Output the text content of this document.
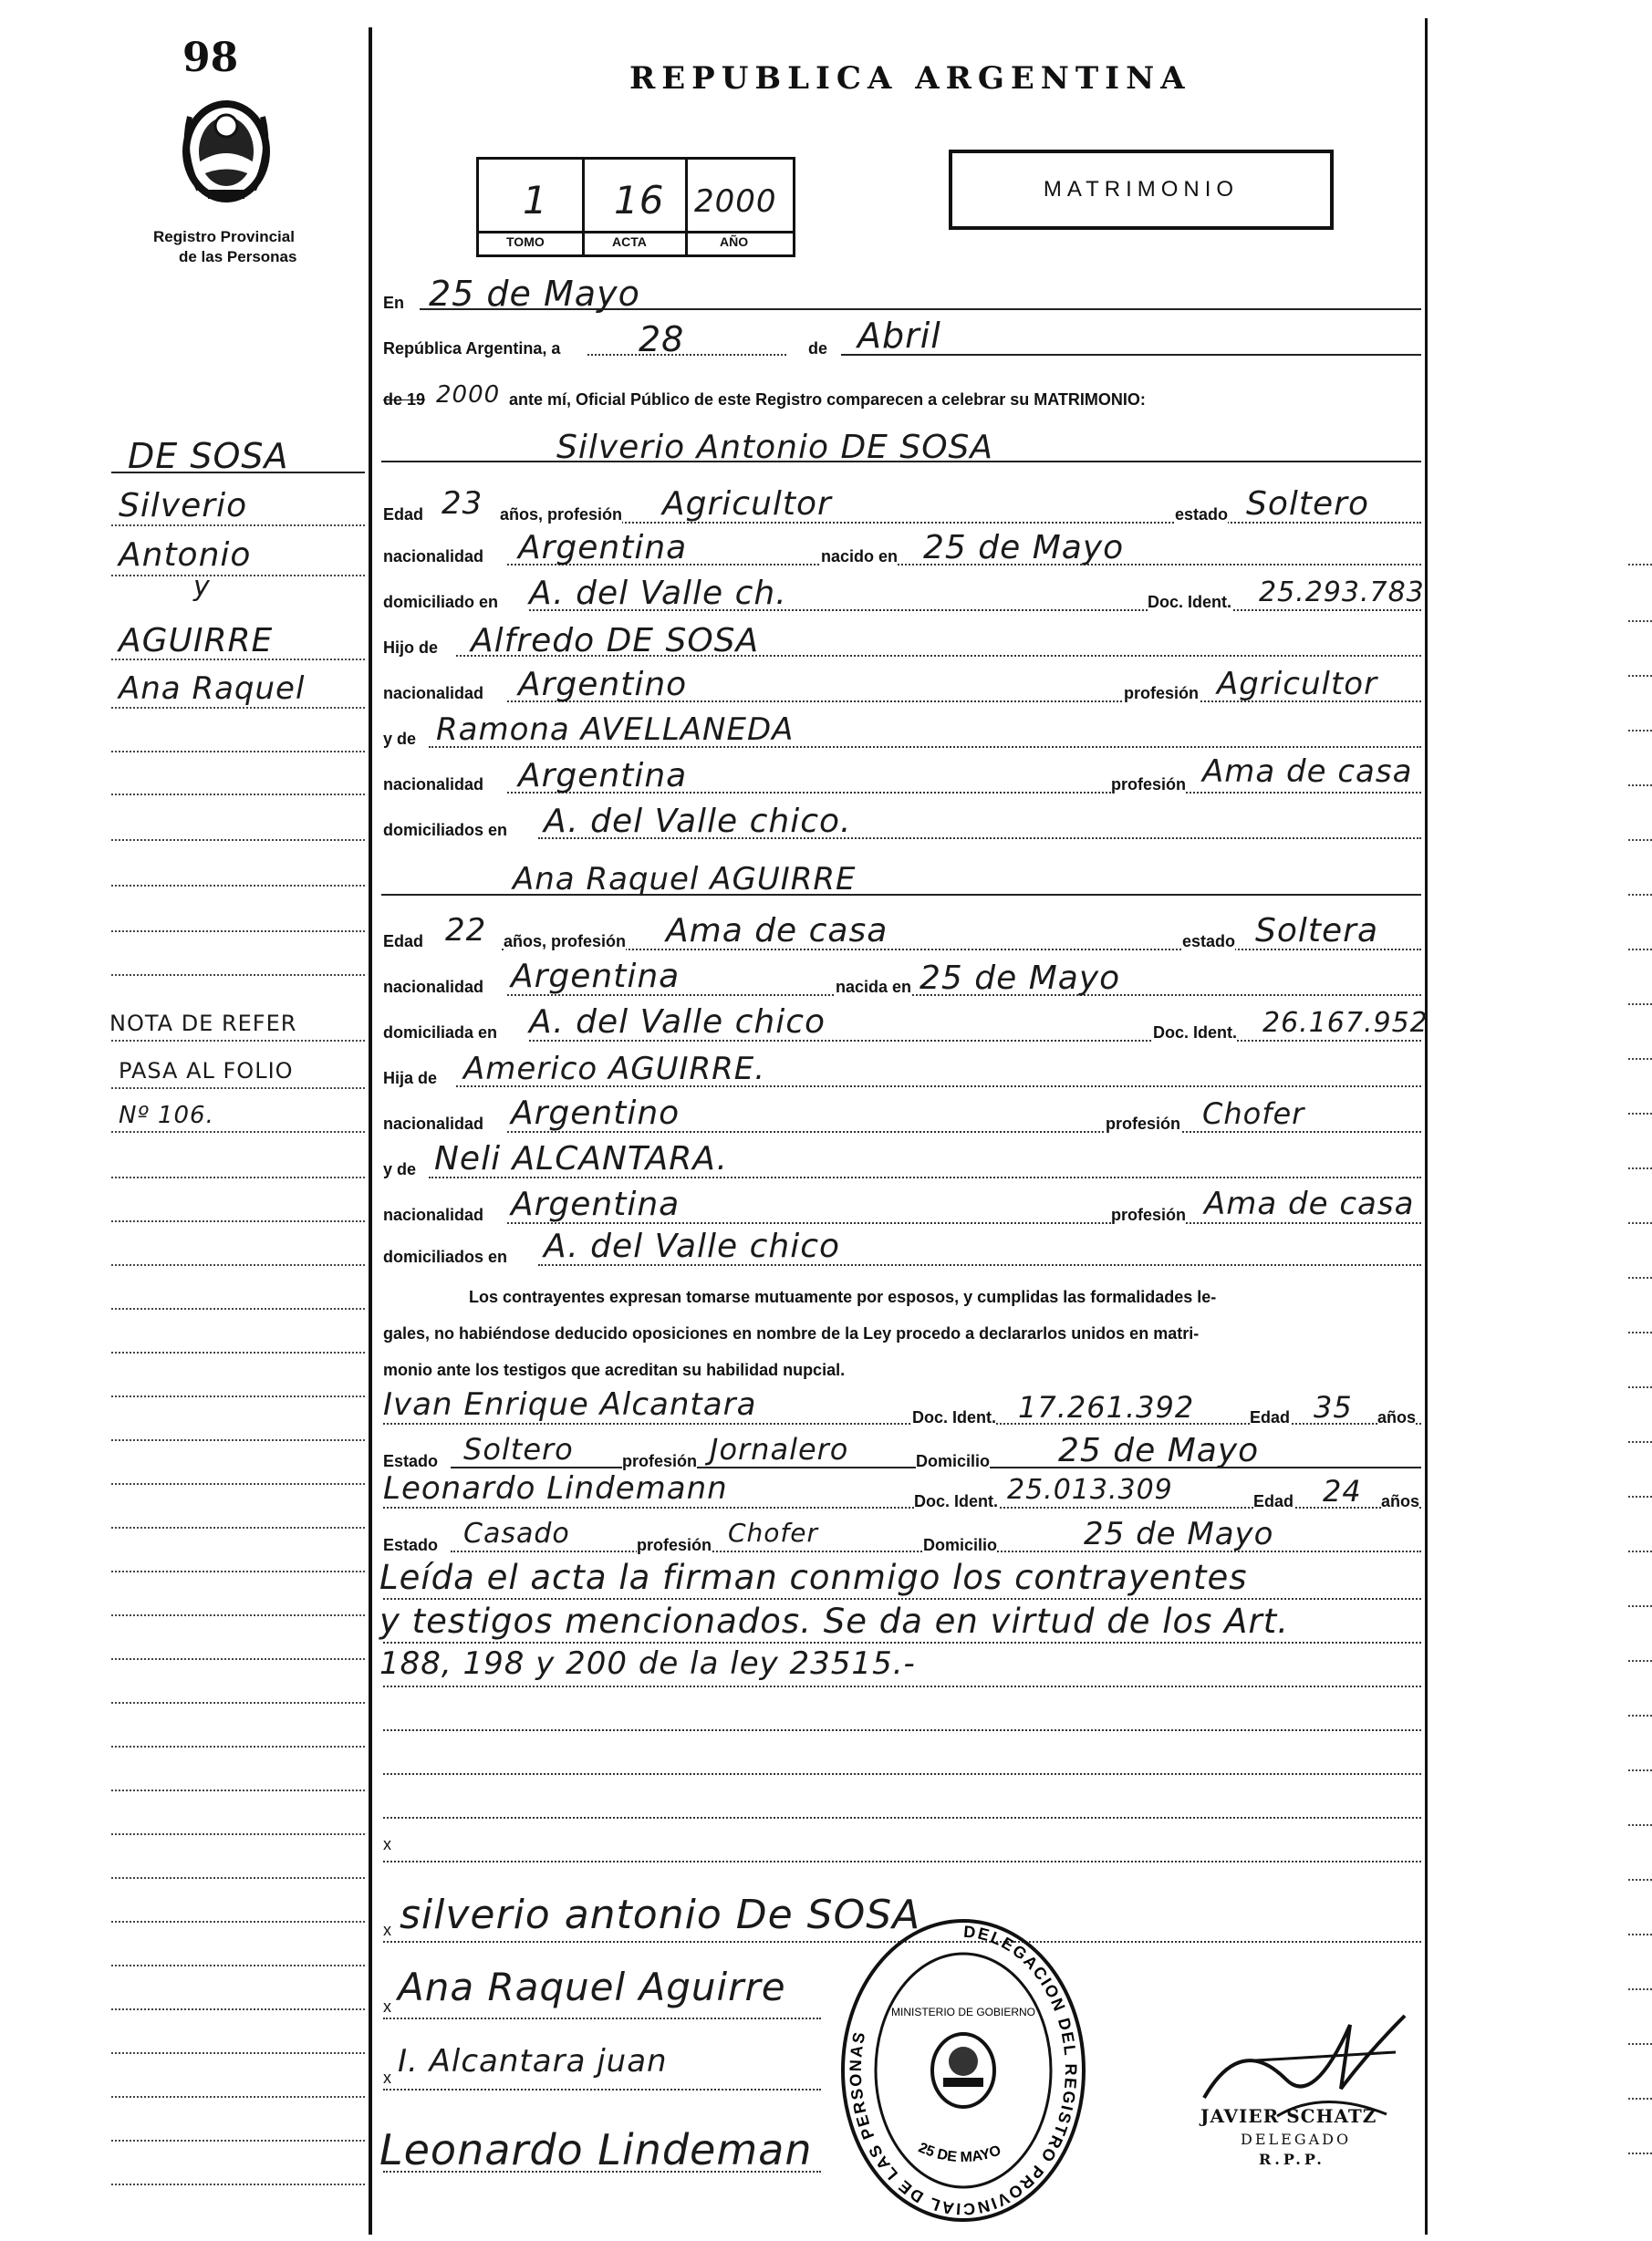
98
Registro Provincial
de las Personas
DE SOSA
Silverio
Antonio
y
AGUIRRE
Ana Raquel
NOTA DE REFER
PASA AL FOLIO
Nº 106.
REPUBLICA ARGENTINA
1 16 2000
TOMO	ACTA	AÑO
MATRIMONIO
En 25 de Mayo
República Argentina, a 28	de Abril
de 19 2000 ante mí, Oficial Público de este Registro comparecen a celebrar su MATRIMONIO:
Silverio Antonio DE SOSA
Edad 23 años, profesión Agricultor	estado Soltero
nacionalidad Argentina	nacido en 25 de Mayo
domiciliado en A. del Valle ch.	Doc. Ident. 25.293.783
Hijo de Alfredo DE SOSA
nacionalidad Argentino	profesión Agricultor
y de Ramona AVELLANEDA
nacionalidad Argentina	profesión Ama de casa
domiciliados en A. del Valle chico.
Ana Raquel AGUIRRE
Edad 22 años, profesión Ama de casa	estado Soltera
nacionalidad Argentina	nacida en 25 de Mayo
domiciliada en A. del Valle chico	Doc. Ident. 26.167.952
Hija de Americo AGUIRRE.
nacionalidad Argentino	profesión Chofer
y de Neli ALCANTARA.
nacionalidad Argentina	profesión Ama de casa
domiciliados en A. del Valle chico
Los contrayentes expresan tomarse mutuamente por esposos, y cumplidas las formalidades le-
gales, no habiéndose deducido oposiciones en nombre de la Ley procedo a declararlos unidos en matri-
monio ante los testigos que acreditan su habilidad nupcial.
Ivan Enrique Alcantara	Doc. Ident. 17.261.392	Edad 35 años
Estado Soltero	profesión Jornalero	Domicilio 25 de Mayo
Leonardo Lindemann	Doc. Ident. 25.013.309	Edad 24 años
Estado Casado	profesión Chofer	Domicilio	25 de Mayo
Leída el acta la firman conmigo los contrayentes
y testigos mencionados. Se da en virtud de los Art.
188, 198 y 200 de la ley 23515.-
x
x silverio antonio De SOSA
x Ana Raquel Aguirre
x I. Alcantara juan
Leonardo Lindeman
DELEGACION DEL REGISTRO PROVINCIAL DE LAS PERSONAS
MINISTERIO DE GOBIERNO
25 DE MAYO
JAVIER SCHATZ
DELEGADO
R.P.P.
